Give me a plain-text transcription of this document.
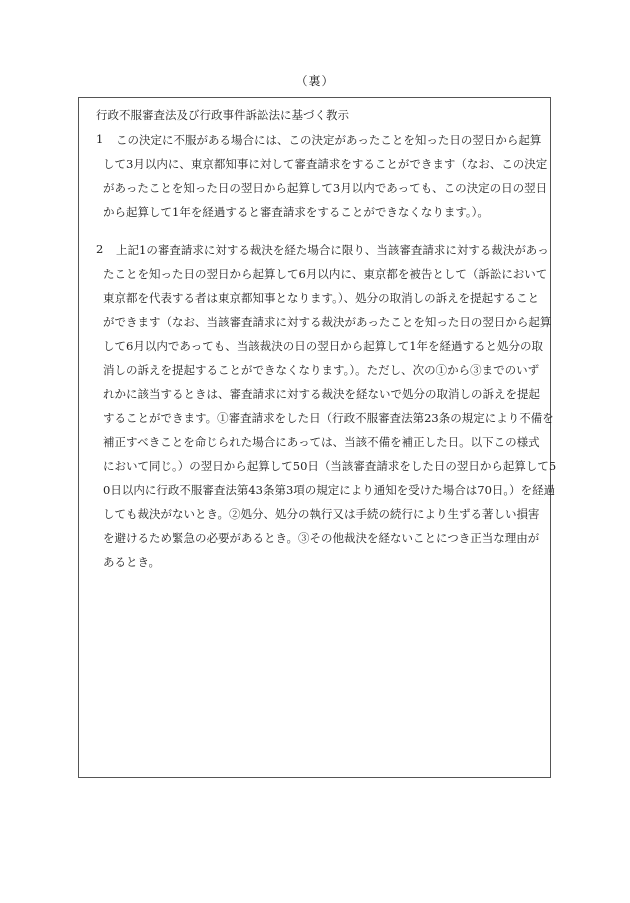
（裏）
行政不服審査法及び行政事件訴訟法に基づく教示
1 この決定に不服がある場合には、この決定があったことを知った日の翌日から起算
して3月以内に、東京都知事に対して審査請求をすることができます（なお、この決定
があったことを知った日の翌日から起算して3月以内であっても、この決定の日の翌日
から起算して1年を経過すると審査請求をすることができなくなります。）。
2 上記1の審査請求に対する裁決を経た場合に限り、当該審査請求に対する裁決があっ
たことを知った日の翌日から起算して6月以内に、東京都を被告として（訴訟において
東京都を代表する者は東京都知事となります。）、処分の取消しの訴えを提起すること
ができます（なお、当該審査請求に対する裁決があったことを知った日の翌日から起算
して6月以内であっても、当該裁決の日の翌日から起算して1年を経過すると処分の取
消しの訴えを提起することができなくなります。）。ただし、次の①から③までのいず
れかに該当するときは、審査請求に対する裁決を経ないで処分の取消しの訴えを提起
することができます。①審査請求をした日（行政不服審査法第23条の規定により不備を
補正すべきことを命じられた場合にあっては、当該不備を補正した日。以下この様式
において同じ。）の翌日から起算して50日（当該審査請求をした日の翌日から起算して5
0日以内に行政不服審査法第43条第3項の規定により通知を受けた場合は70日。）を経過
しても裁決がないとき。②処分、処分の執行又は手続の続行により生ずる著しい損害
を避けるため緊急の必要があるとき。③その他裁決を経ないことにつき正当な理由が
あるとき。
